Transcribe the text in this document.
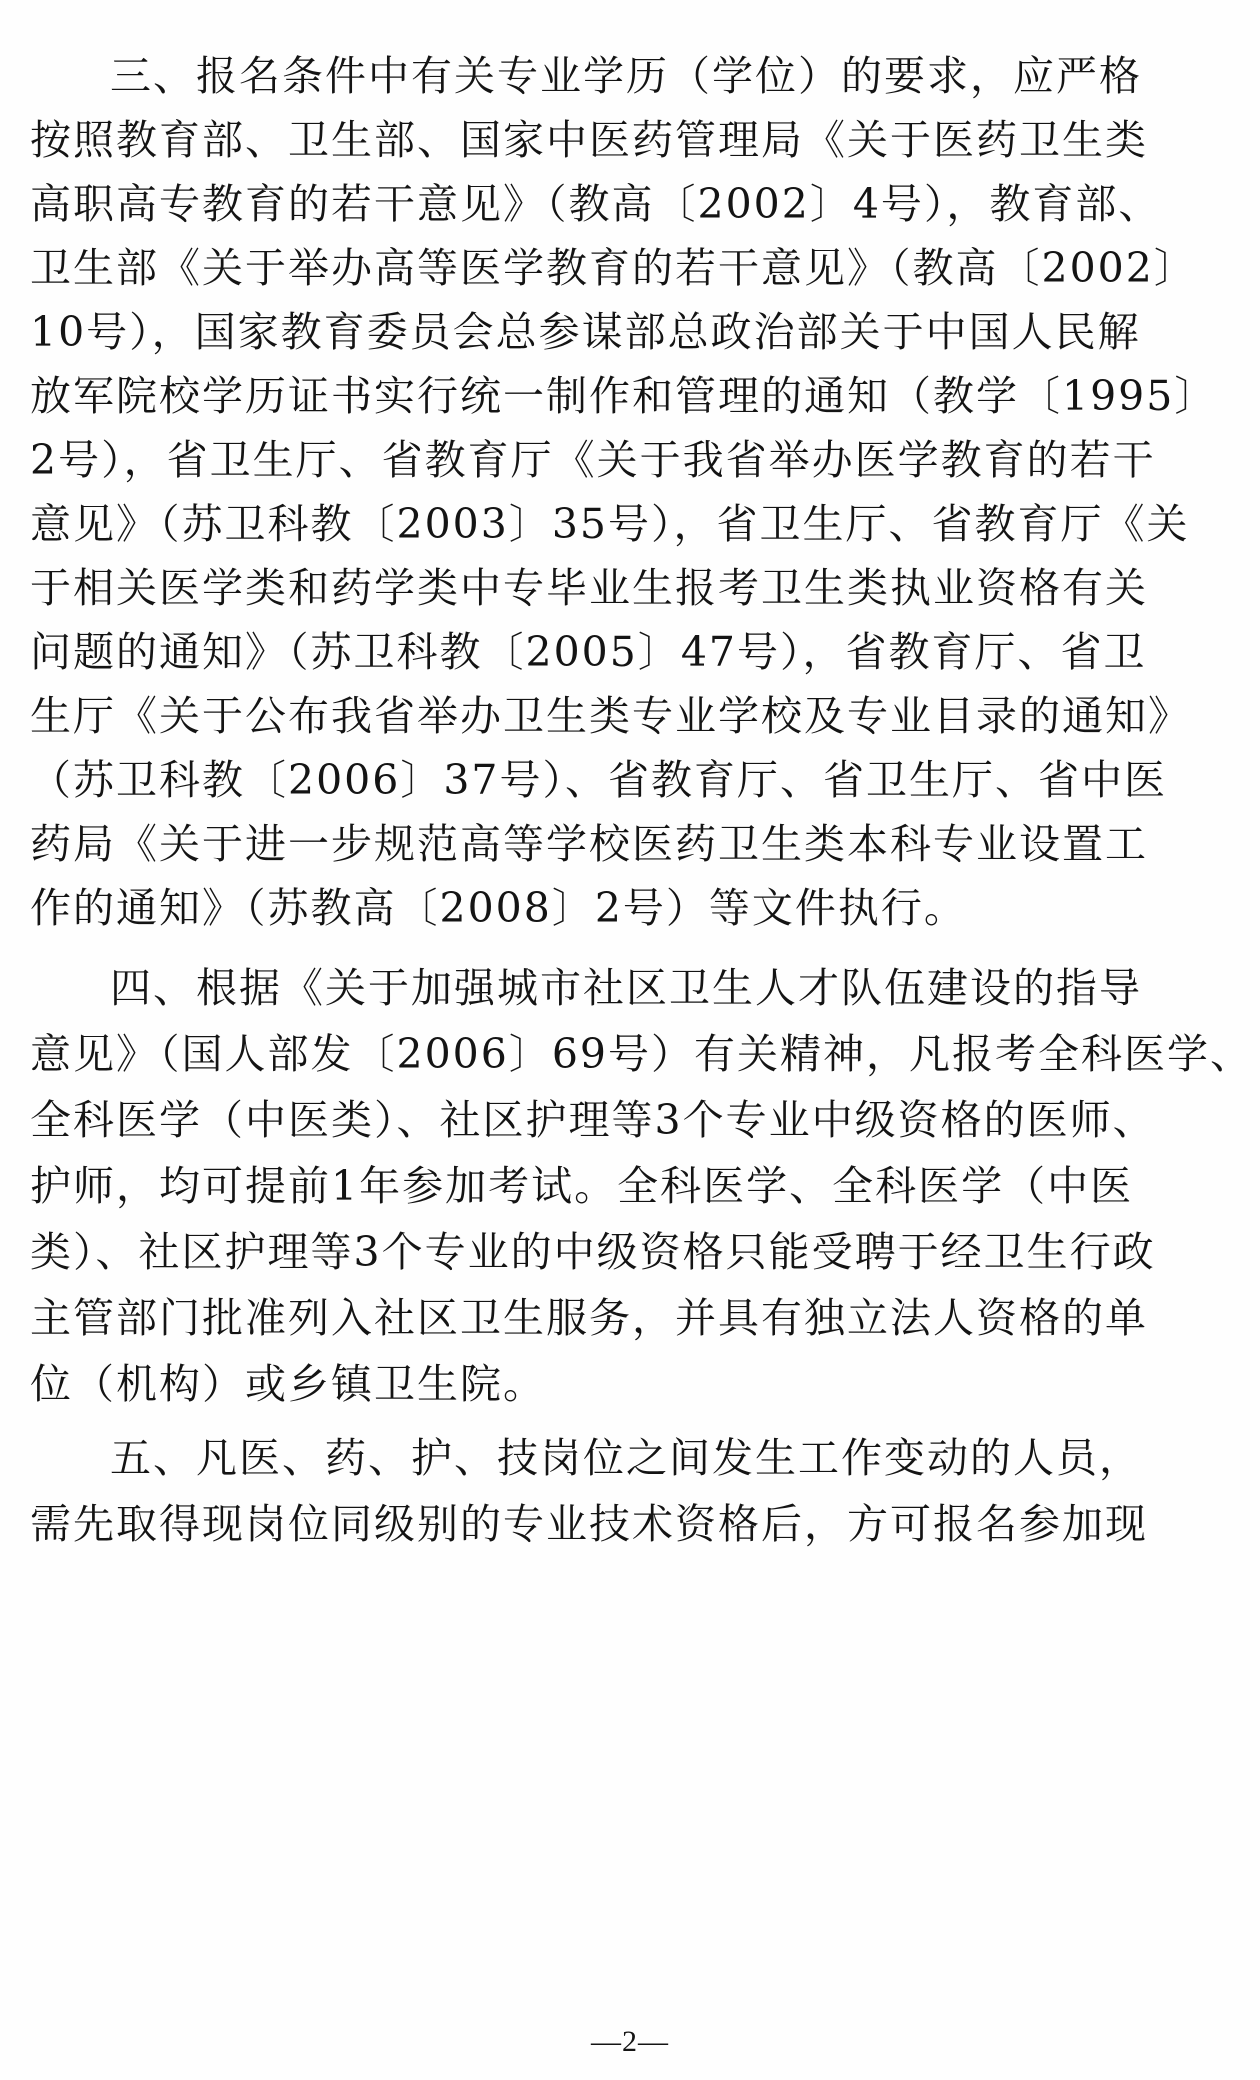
三、报名条件中有关专业学历（学位）的要求，应严格
按照教育部、卫生部、国家中医药管理局《关于医药卫生类
高职高专教育的若干意见》（教高〔2002〕4号），教育部、
卫生部《关于举办高等医学教育的若干意见》（教高〔2002〕
10号），国家教育委员会总参谋部总政治部关于中国人民解
放军院校学历证书实行统一制作和管理的通知（教学〔1995〕
2号），省卫生厅、省教育厅《关于我省举办医学教育的若干
意见》（苏卫科教〔2003〕35号），省卫生厅、省教育厅《关
于相关医学类和药学类中专毕业生报考卫生类执业资格有关
问题的通知》（苏卫科教〔2005〕47号），省教育厅、省卫
生厅《关于公布我省举办卫生类专业学校及专业目录的通知》
（苏卫科教〔2006〕37号）、省教育厅、省卫生厅、省中医
药局《关于进一步规范高等学校医药卫生类本科专业设置工
作的通知》（苏教高〔2008〕2号）等文件执行。
四、根据《关于加强城市社区卫生人才队伍建设的指导
意见》（国人部发〔2006〕69号）有关精神，凡报考全科医学、
全科医学（中医类）、社区护理等3个专业中级资格的医师、
护师，均可提前1年参加考试。全科医学、全科医学（中医
类）、社区护理等3个专业的中级资格只能受聘于经卫生行政
主管部门批准列入社区卫生服务，并具有独立法人资格的单
位（机构）或乡镇卫生院。
五、凡医、药、护、技岗位之间发生工作变动的人员，
需先取得现岗位同级别的专业技术资格后，方可报名参加现
—2—
